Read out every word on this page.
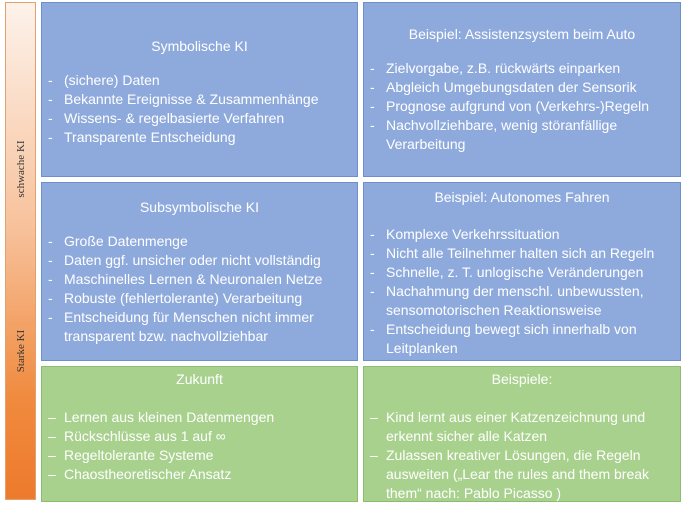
schwache KI
Starke KI
Symbolische KI
- (sichere) Daten
- Bekannte Ereignisse & Zusammenhänge
- Wissens- & regelbasierte Verfahren
- Transparente Entscheidung
Beispiel: Assistenzsystem beim Auto
- Zielvorgabe, z.B. rückwärts einparken
- Abgleich Umgebungsdaten der Sensorik
- Prognose aufgrund von (Verkehrs-)Regeln
- Nachvollziehbare, wenig störanfällige Verarbeitung
Subsymbolische KI
- Große Datenmenge
- Daten ggf. unsicher oder nicht vollständig
- Maschinelles Lernen & Neuronalen Netze
- Robuste (fehlertolerante) Verarbeitung
- Entscheidung für Menschen nicht immer transparent bzw. nachvollziehbar
Beispiel: Autonomes Fahren
- Komplexe Verkehrssituation
- Nicht alle Teilnehmer halten sich an Regeln
- Schnelle, z. T. unlogische Veränderungen
- Nachahmung der menschl. unbewussten, sensomotorischen Reaktionsweise
- Entscheidung bewegt sich innerhalb von Leitplanken
Zukunft
– Lernen aus kleinen Datenmengen
– Rückschlüsse aus 1 auf ∞
– Regeltolerante Systeme
– Chaostheoretischer Ansatz
Beispiele:
– Kind lernt aus einer Katzenzeichnung und erkennt sicher alle Katzen
– Zulassen kreativer Lösungen, die Regeln ausweiten („Lear the rules and them break them“ nach: Pablo Picasso )
